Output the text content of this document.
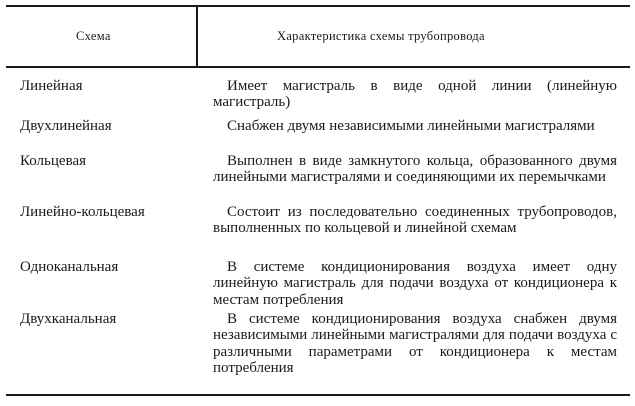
Схема	Характеристика схемы трубопровода
Линейная	Имеет магистраль в виде одной линии (линейную магистраль)
Двухлинейная	Снабжен двумя независимыми линейными магистралями
Кольцевая	Выполнен в виде замкнутого кольца, образованного двумя линейными магистралями и соединяющими их перемычками
Линейно-кольцевая	Состоит из последовательно соединенных трубопроводов, выполненных по кольцевой и линейной схемам
Одноканальная	В системе кондиционирования воздуха имеет одну линейную магистраль для подачи воздуха от кондиционера к местам потребления
Двухканальная	В системе кондиционирования воздуха снабжен двумя независимыми линейными магистралями для подачи воздуха с различными параметрами от кондиционера к местам потребления
